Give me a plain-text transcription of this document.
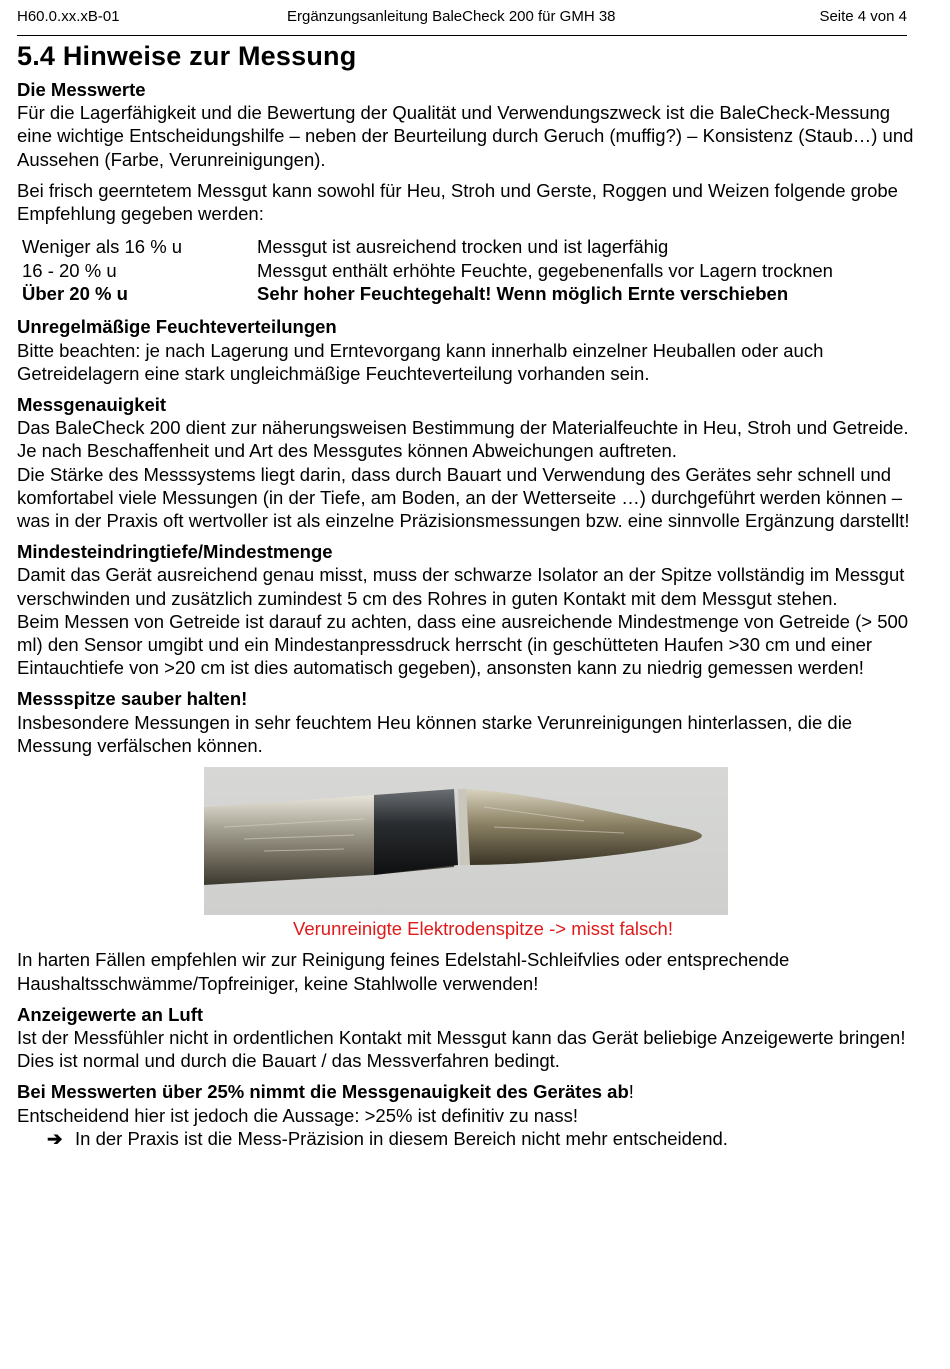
H60.0.xx.xB-01	Ergänzungsanleitung BaleCheck 200 für GMH 38	Seite 4 von 4
5.4 Hinweise zur Messung
Die Messwerte

Für die Lagerfähigkeit und die Bewertung der Qualität und Verwendungszweck ist die BaleCheck-Messung eine wichtige Entscheidungshilfe – neben der Beurteilung durch Geruch (muffig?) – Konsistenz (Staub…) und Aussehen (Farbe, Verunreinigungen).

Bei frisch geerntetem Messgut kann sowohl für Heu, Stroh und Gerste, Roggen und Weizen folgende grobe Empfehlung gegeben werden:

Weniger als 16 % u	Messgut ist ausreichend trocken und ist lagerfähig
16 - 20 % u	Messgut enthält erhöhte Feuchte, gegebenenfalls vor Lagern trocknen
Über 20 % u	Sehr hoher Feuchtegehalt! Wenn möglich Ernte verschieben
Unregelmäßige Feuchteverteilungen

Bitte beachten: je nach Lagerung und Erntevorgang kann innerhalb einzelner Heuballen oder auch Getreidelagern eine stark ungleichmäßige Feuchteverteilung vorhanden sein.

Messgenauigkeit

Das BaleCheck 200 dient zur näherungsweisen Bestimmung der Materialfeuchte in Heu, Stroh und Getreide. Je nach Beschaffenheit und Art des Messgutes können Abweichungen auftreten.

Die Stärke des Messsystems liegt darin, dass durch Bauart und Verwendung des Gerätes sehr schnell und komfortabel viele Messungen (in der Tiefe, am Boden, an der Wetterseite …) durchgeführt werden können – was in der Praxis oft wertvoller ist als einzelne Präzisionsmessungen bzw. eine sinnvolle Ergänzung darstellt!

Mindesteindringtiefe/Mindestmenge

Damit das Gerät ausreichend genau misst, muss der schwarze Isolator an der Spitze vollständig im Messgut verschwinden und zusätzlich zumindest 5 cm des Rohres in guten Kontakt mit dem Messgut stehen.

Beim Messen von Getreide ist darauf zu achten, dass eine ausreichende Mindestmenge von Getreide (> 500 ml) den Sensor umgibt und ein Mindestanpressdruck herrscht (in geschütteten Haufen >30 cm und einer Eintauchtiefe von >20 cm ist dies automatisch gegeben), ansonsten kann zu niedrig gemessen werden!

Messspitze sauber halten!

Insbesondere Messungen in sehr feuchtem Heu können starke Verunreinigungen hinterlassen, die die Messung verfälschen können.

Verunreinigte Elektrodenspitze -> misst falsch!

In harten Fällen empfehlen wir zur Reinigung feines Edelstahl-Schleifvlies oder entsprechende Haushaltsschwämme/Topfreiniger, keine Stahlwolle verwenden!

Anzeigewerte an Luft

Ist der Messfühler nicht in ordentlichen Kontakt mit Messgut kann das Gerät beliebige Anzeigewerte bringen! Dies ist normal und durch die Bauart / das Messverfahren bedingt.

Bei Messwerten über 25% nimmt die Messgenauigkeit des Gerätes ab!

Entscheidend hier ist jedoch die Aussage: >25% ist definitiv zu nass!

➔ In der Praxis ist die Mess-Präzision in diesem Bereich nicht mehr entscheidend.
